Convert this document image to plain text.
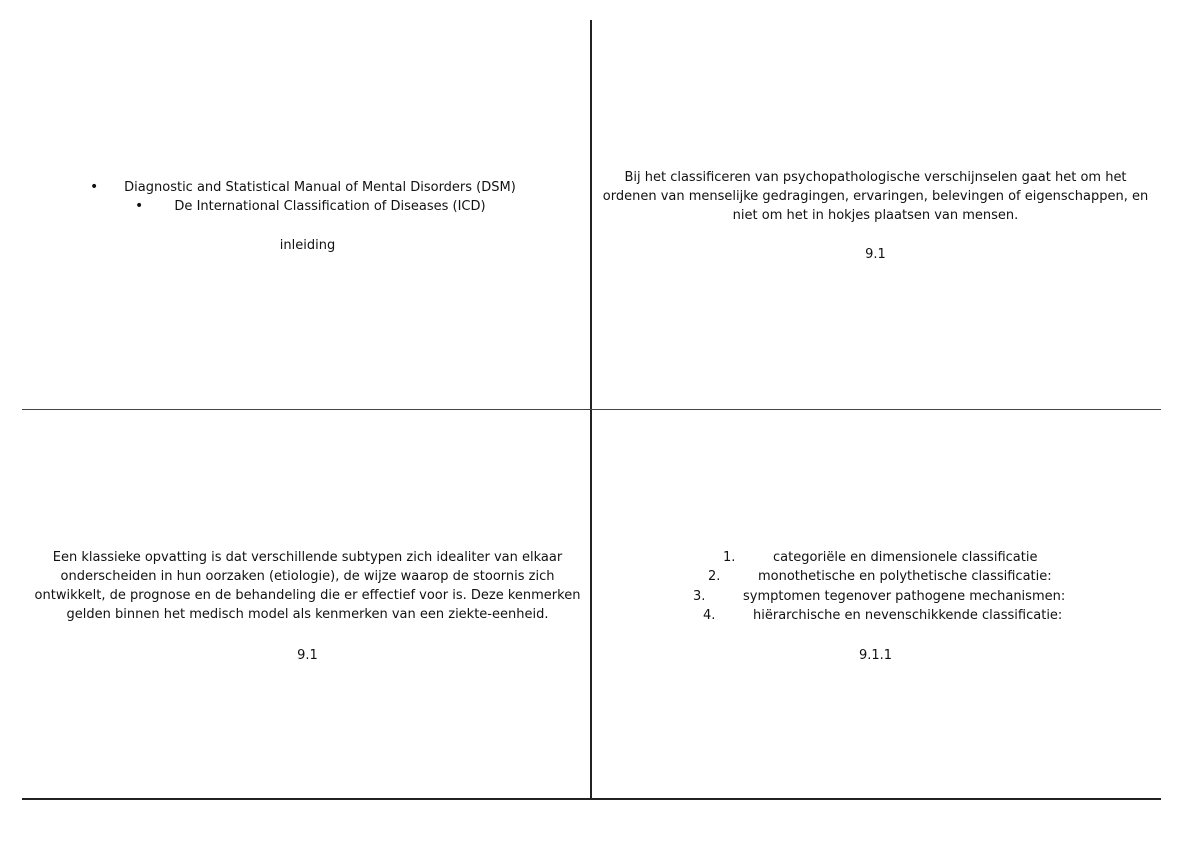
•	Diagnostic and Statistical Manual of Mental Disorders (DSM)
•	De International Classification of Diseases (ICD)
inleiding
Bij het classificeren van psychopathologische verschijnselen gaat het om het ordenen van menselijke gedragingen, ervaringen, belevingen of eigenschappen, en niet om het in hokjes plaatsen van mensen.
9.1
Een klassieke opvatting is dat verschillende subtypen zich idealiter van elkaar onderscheiden in hun oorzaken (etiologie), de wijze waarop de stoornis zich ontwikkelt, de prognose en de behandeling die er effectief voor is. Deze kenmerken gelden binnen het medisch model als kenmerken van een ziekte-eenheid.
9.1
1.	categoriële en dimensionele classificatie
2.	monothetische en polythetische classificatie:
3.	symptomen tegenover pathogene mechanismen:
4.	hiërarchische en nevenschikkende classificatie:
9.1.1
